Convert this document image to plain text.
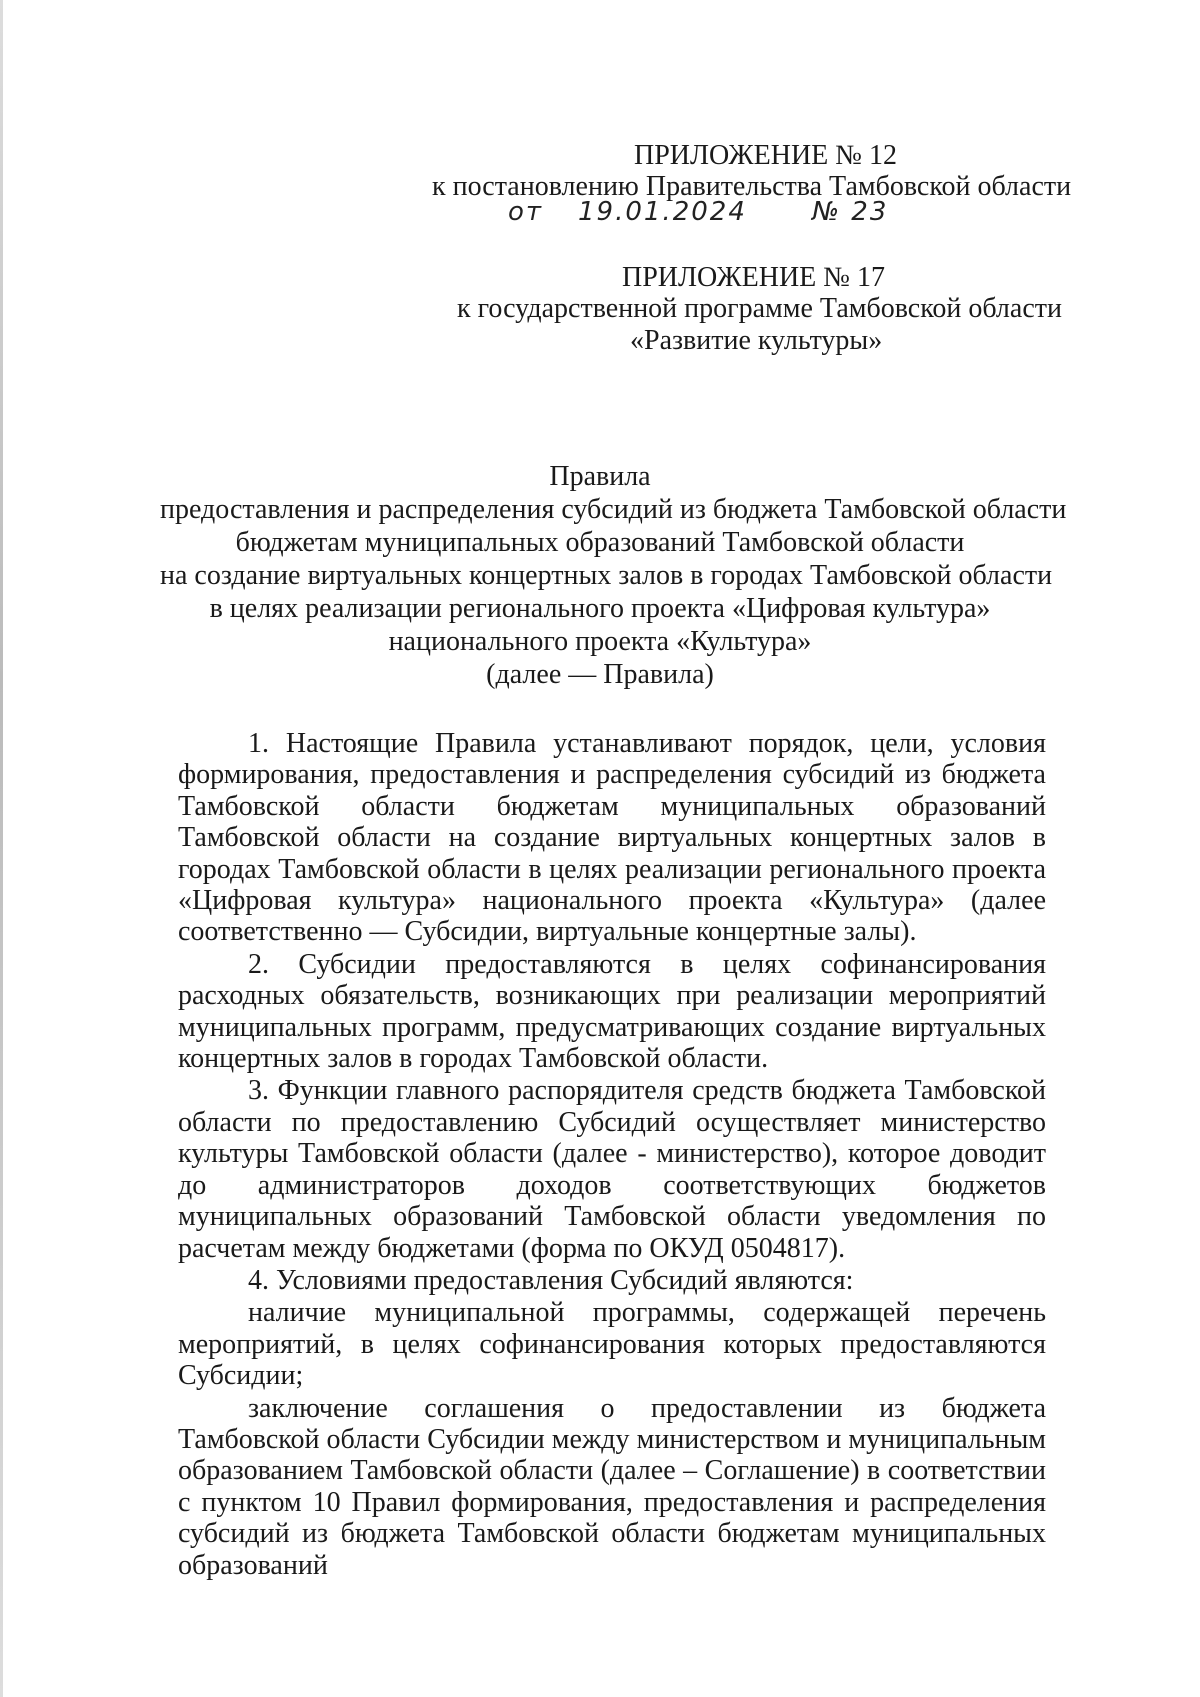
ПРИЛОЖЕНИЕ № 12
к постановлению Правительства Тамбовской области
от 19.01.2024	№ 23
ПРИЛОЖЕНИЕ № 17
к государственной программе Тамбовской области
«Развитие культуры»
Правила
предоставления и распределения субсидий из бюджета Тамбовской области
бюджетам муниципальных образований Тамбовской области
на создание виртуальных концертных залов в городах Тамбовской области
в целях реализации регионального проекта «Цифровая культура»
национального проекта «Культура»
(далее — Правила)

1. Настоящие Правила устанавливают порядок, цели, условия формирования, предоставления и распределения субсидий из бюджета Тамбовской области бюджетам муниципальных образований Тамбовской области на создание виртуальных концертных залов в городах Тамбовской области в целях реализации регионального проекта «Цифровая культура» национального проекта «Культура» (далее соответственно — Субсидии, виртуальные концертные залы).

2. Субсидии предоставляются в целях софинансирования расходных обязательств, возникающих при реализации мероприятий муниципальных программ, предусматривающих создание виртуальных концертных залов в городах Тамбовской области.

3. Функции главного распорядителя средств бюджета Тамбовской области по предоставлению Субсидий осуществляет министерство культуры Тамбовской области (далее - министерство), которое доводит до администраторов доходов соответствующих бюджетов муниципальных образований Тамбовской области уведомления по расчетам между бюджетами (форма по ОКУД 0504817).

4. Условиями предоставления Субсидий являются:

наличие муниципальной программы, содержащей перечень мероприятий, в целях софинансирования которых предоставляются Субсидии;

заключение соглашения о предоставлении из бюджета Тамбовской области Субсидии между министерством и муниципальным образованием Тамбовской области (далее – Соглашение) в соответствии с пунктом 10 Правил формирования, предоставления и распределения субсидий из бюджета Тамбовской области бюджетам муниципальных образований
